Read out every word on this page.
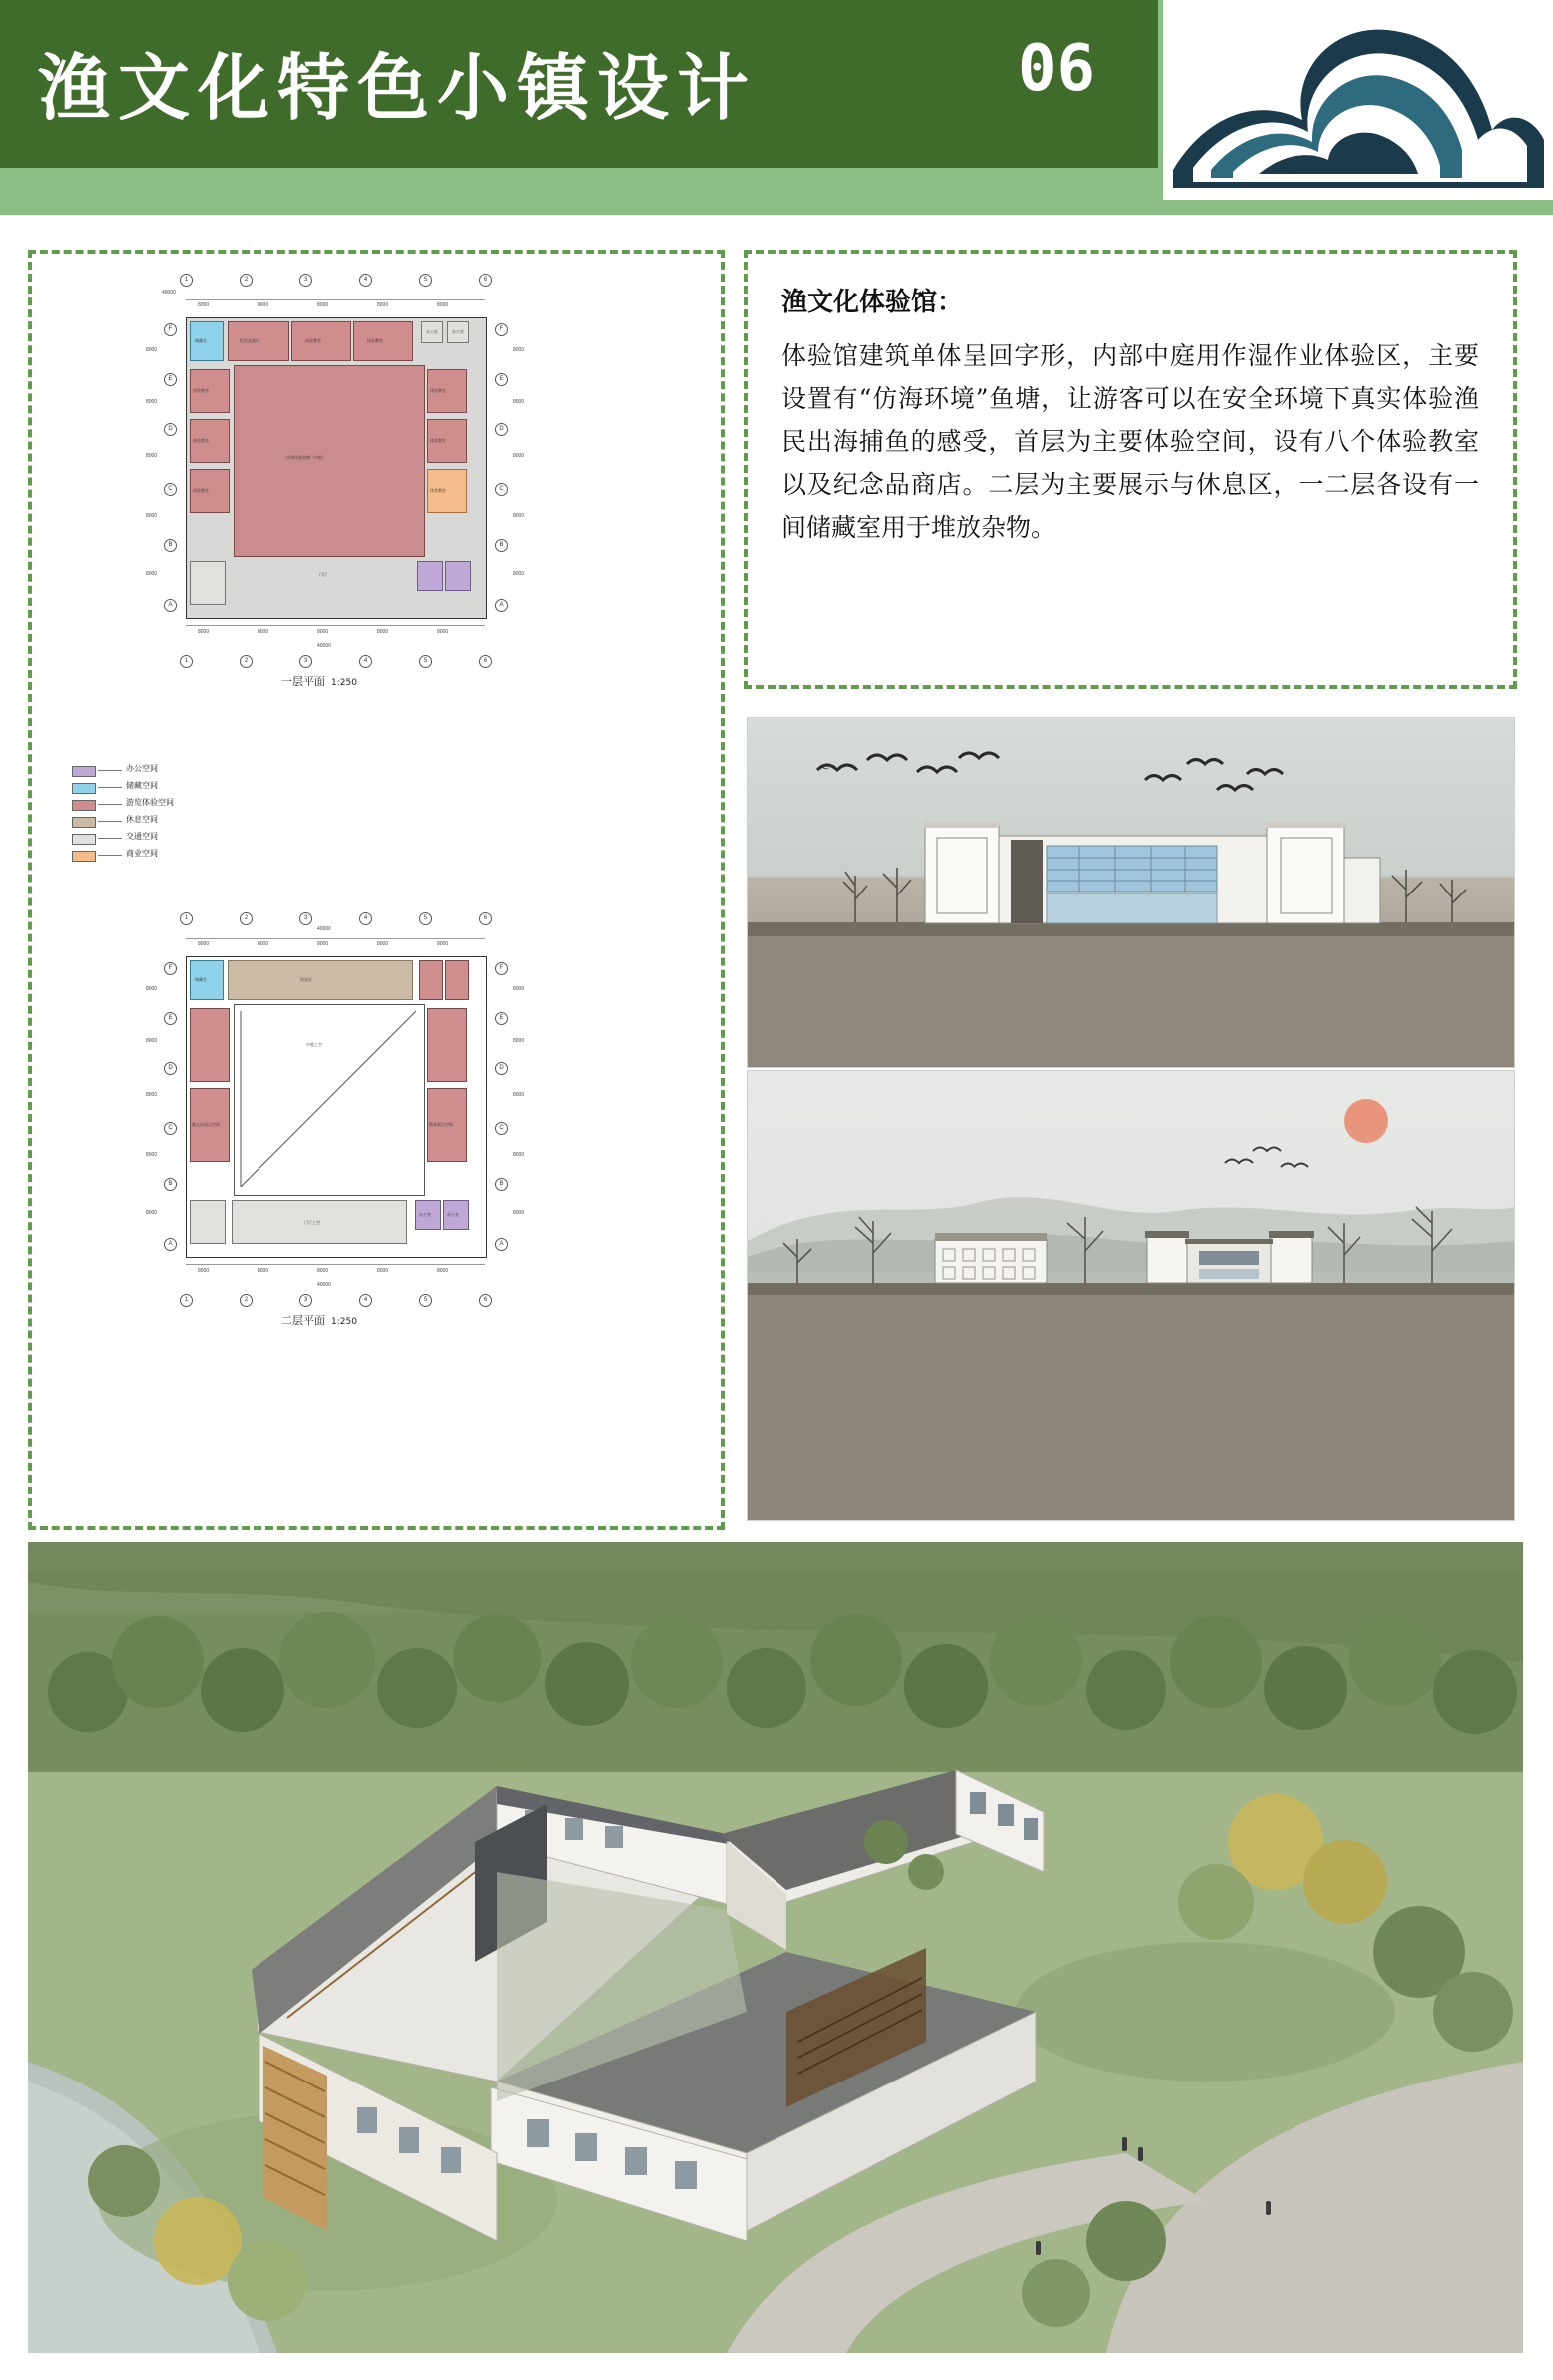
渔文化特色小镇设计	06
1	2	3	4	5	6
40000
8000	8000	8000	8000	8000
仿海环境鱼塘（中庭）
储藏室	纪念品商店	体验教室	体验教室
办公室	办公室
体验教室
体验教室
体验教室
体验教室
体验教室
体验教室
门厅
F
E
D
C
B
A
F
E
D
C
B
A
8000
8000
8000
8000
8000
8000
8000
8000
8000
8000
8000	8000	8000	8000	8000
40000
1	2	3	4	5	6
一层平面 1:250
办公空间
储藏空间
游览体验空间
休息空间
交通空间
商业空间
1	2	3	4	5	6
8000	8000	8000	8000	8000
40000
中庭上空
储藏室	休息区
渔文化展示空间	渔具展示空间
门厅上空
办公室	办公室
F
E
D
C
B
A
F
E
D
C
B
A
8000
8000
8000
8000
8000
8000
8000
8000
8000
8000
8000	8000	8000	8000	8000
40000
1	2	3	4	5	6
二层平面 1:250
渔文化体验馆：

体验馆建筑单体呈回字形，内部中庭用作湿作业体验区，主要设置有“仿海环境”鱼塘，让游客可以在安全环境下真实体验渔民出海捕鱼的感受，首层为主要体验空间，设有八个体验教室以及纪念品商店。二层为主要展示与休息区，一二层各设有一间储藏室用于堆放杂物。

〜
